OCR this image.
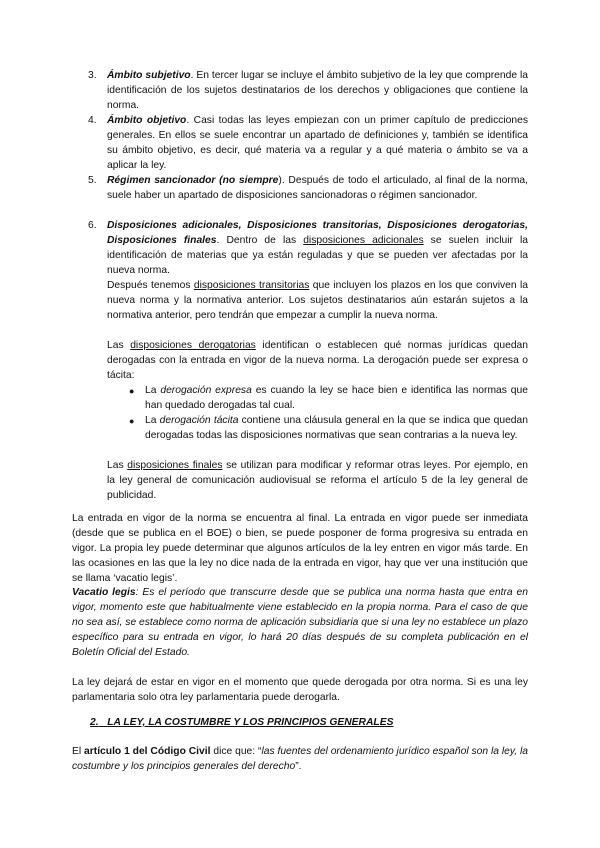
3. Ámbito subjetivo. En tercer lugar se incluye el ámbito subjetivo de la ley que comprende la identificación de los sujetos destinatarios de los derechos y obligaciones que contiene la norma.
4. Ámbito objetivo. Casi todas las leyes empiezan con un primer capítulo de predicciones generales. En ellos se suele encontrar un apartado de definiciones y, también se identifica su ámbito objetivo, es decir, qué materia va a regular y a qué materia o ámbito se va a aplicar la ley.
5. Régimen sancionador (no siempre). Después de todo el articulado, al final de la norma, suele haber un apartado de disposiciones sancionadoras o régimen sancionador.
6. Disposiciones adicionales, Disposiciones transitorias, Disposiciones derogatorias, Disposiciones finales. Dentro de las disposiciones adicionales se suelen incluir la identificación de materias que ya están reguladas y que se pueden ver afectadas por la nueva norma.
Después tenemos disposiciones transitorias que incluyen los plazos en los que conviven la nueva norma y la normativa anterior. Los sujetos destinatarios aún estarán sujetos a la normativa anterior, pero tendrán que empezar a cumplir la nueva norma.
Las disposiciones derogatorias identifican o establecen qué normas jurídicas quedan derogadas con la entrada en vigor de la nueva norma. La derogación puede ser expresa o tácita:
● La derogación expresa es cuando la ley se hace bien e identifica las normas que han quedado derogadas tal cual.
● La derogación tácita contiene una cláusula general en la que se indica que quedan derogadas todas las disposiciones normativas que sean contrarias a la nueva ley.
Las disposiciones finales se utilizan para modificar y reformar otras leyes. Por ejemplo, en la ley general de comunicación audiovisual se reforma el artículo 5 de la ley general de publicidad.
La entrada en vigor de la norma se encuentra al final. La entrada en vigor puede ser inmediata (desde que se publica en el BOE) o bien, se puede posponer de forma progresiva su entrada en vigor. La propia ley puede determinar que algunos artículos de la ley entren en vigor más tarde. En las ocasiones en las que la ley no dice nada de la entrada en vigor, hay que ver una institución que se llama ‘vacatio legis’.
Vacatio legis: Es el período que transcurre desde que se publica una norma hasta que entra en vigor, momento este que habitualmente viene establecido en la propia norma. Para el caso de que no sea así, se establece como norma de aplicación subsidiaria que si una ley no establece un plazo específico para su entrada en vigor, lo hará 20 días después de su completa publicación en el Boletín Oficial del Estado.
La ley dejará de estar en vigor en el momento que quede derogada por otra norma. Si es una ley parlamentaria solo otra ley parlamentaria puede derogarla.
2. LA LEY, LA COSTUMBRE Y LOS PRINCIPIOS GENERALES
El artículo 1 del Código Civil dice que: “las fuentes del ordenamiento jurídico español son la ley, la costumbre y los principios generales del derecho”.
